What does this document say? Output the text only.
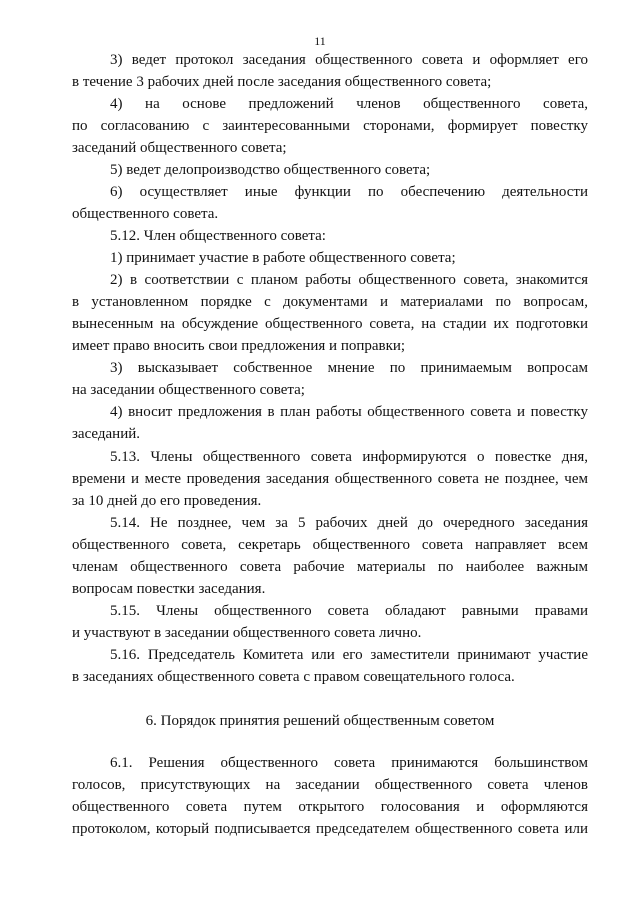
11
3) ведет протокол заседания общественного совета и оформляет его
в течение 3 рабочих дней после заседания общественного совета;
4) на основе предложений членов общественного совета,
по согласованию с заинтересованными сторонами, формирует повестку
заседаний общественного совета;
5) ведет делопроизводство общественного совета;
6) осуществляет иные функции по обеспечению деятельности
общественного совета.
5.12. Член общественного совета:
1) принимает участие в работе общественного совета;
2) в соответствии с планом работы общественного совета, знакомится
в установленном порядке с документами и материалами по вопросам,
вынесенным на обсуждение общественного совета, на стадии их подготовки
имеет право вносить свои предложения и поправки;
3) высказывает собственное мнение по принимаемым вопросам
на заседании общественного совета;
4) вносит предложения в план работы общественного совета и повестку
заседаний.
5.13. Члены общественного совета информируются о повестке дня,
времени и месте проведения заседания общественного совета не позднее, чем
за 10 дней до его проведения.
5.14. Не позднее, чем за 5 рабочих дней до очередного заседания
общественного совета, секретарь общественного совета направляет всем
членам общественного совета рабочие материалы по наиболее важным
вопросам повестки заседания.
5.15. Члены общественного совета обладают равными правами
и участвуют в заседании общественного совета лично.
5.16. Председатель Комитета или его заместители принимают участие
в заседаниях общественного совета с правом совещательного голоса.
6. Порядок принятия решений общественным советом
6.1. Решения общественного совета принимаются большинством
голосов, присутствующих на заседании общественного совета членов
общественного совета путем открытого голосования и оформляются
протоколом, который подписывается председателем общественного совета или
